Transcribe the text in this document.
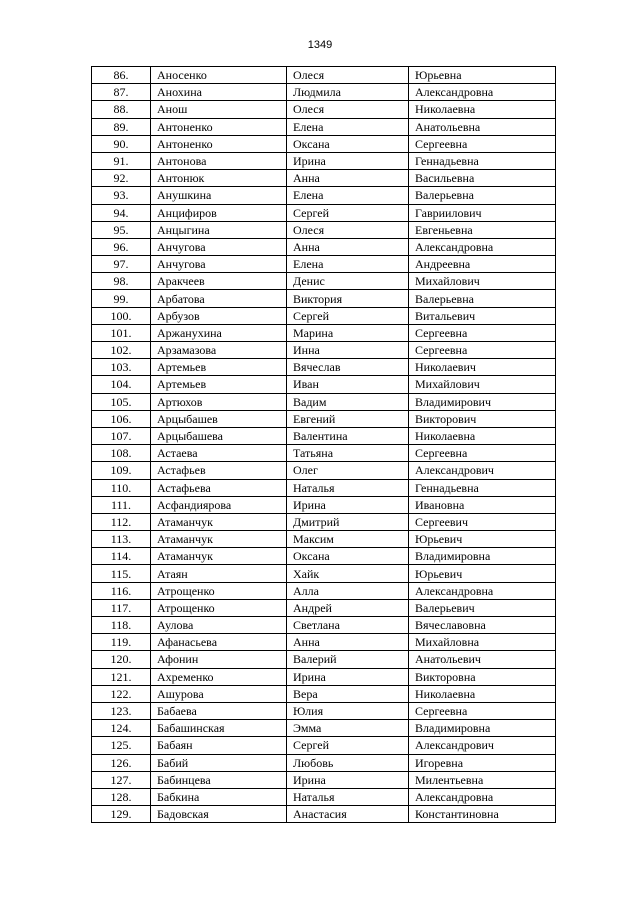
1349
86.	Аносенко	Олеся	Юрьевна
87.	Анохина	Людмила	Александровна
88.	Анош	Олеся	Николаевна
89.	Антоненко	Елена	Анатольевна
90.	Антоненко	Оксана	Сергеевна
91.	Антонова	Ирина	Геннадьевна
92.	Антонюк	Анна	Васильевна
93.	Анушкина	Елена	Валерьевна
94.	Анцифиров	Сергей	Гавриилович
95.	Анцыгина	Олеся	Евгеньевна
96.	Анчугова	Анна	Александровна
97.	Анчугова	Елена	Андреевна
98.	Аракчеев	Денис	Михайлович
99.	Арбатова	Виктория	Валерьевна
100.	Арбузов	Сергей	Витальевич
101.	Аржанухина	Марина	Сергеевна
102.	Арзамазова	Инна	Сергеевна
103.	Артемьев	Вячеслав	Николаевич
104.	Артемьев	Иван	Михайлович
105.	Артюхов	Вадим	Владимирович
106.	Арцыбашев	Евгений	Викторович
107.	Арцыбашева	Валентина	Николаевна
108.	Астаева	Татьяна	Сергеевна
109.	Астафьев	Олег	Александрович
110.	Астафьева	Наталья	Геннадьевна
111.	Асфандиярова	Ирина	Ивановна
112.	Атаманчук	Дмитрий	Сергеевич
113.	Атаманчук	Максим	Юрьевич
114.	Атаманчук	Оксана	Владимировна
115.	Атаян	Хайк	Юрьевич
116.	Атрощенко	Алла	Александровна
117.	Атрощенко	Андрей	Валерьевич
118.	Аулова	Светлана	Вячеславовна
119.	Афанасьева	Анна	Михайловна
120.	Афонин	Валерий	Анатольевич
121.	Ахременко	Ирина	Викторовна
122.	Ашурова	Вера	Николаевна
123.	Бабаева	Юлия	Сергеевна
124.	Бабашинская	Эмма	Владимировна
125.	Бабаян	Сергей	Александрович
126.	Бабий	Любовь	Игоревна
127.	Бабинцева	Ирина	Милентьевна
128.	Бабкина	Наталья	Александровна
129.	Бадовская	Анастасия	Константиновна
